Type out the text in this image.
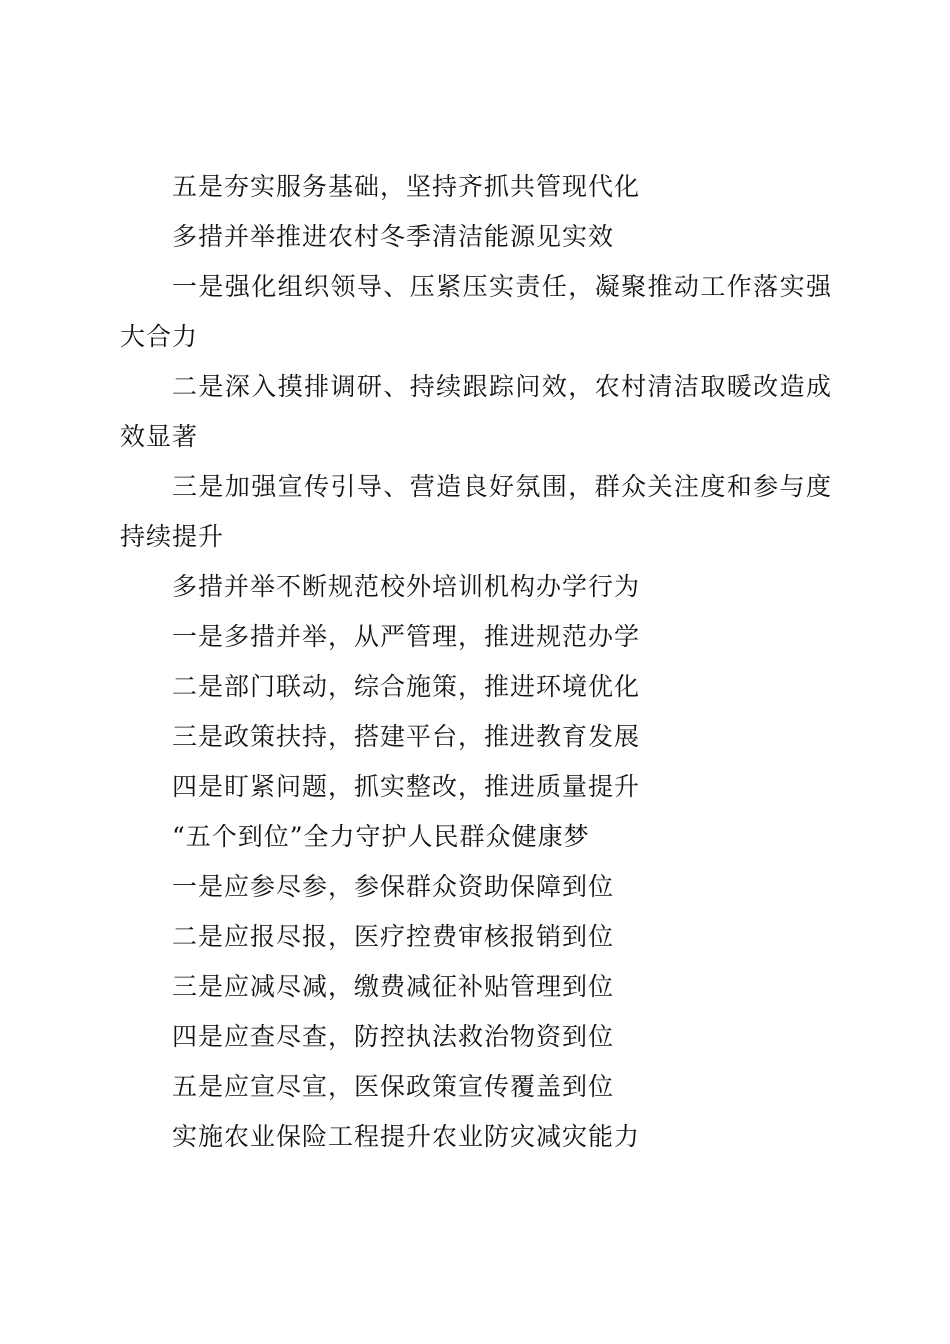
五是夯实服务基础，坚持齐抓共管现代化

多措并举推进农村冬季清洁能源见实效

一是强化组织领导、压紧压实责任，凝聚推动工作落实强大合力

二是深入摸排调研、持续跟踪问效，农村清洁取暖改造成效显著

三是加强宣传引导、营造良好氛围，群众关注度和参与度持续提升

多措并举不断规范校外培训机构办学行为

一是多措并举，从严管理，推进规范办学

二是部门联动，综合施策，推进环境优化

三是政策扶持，搭建平台，推进教育发展

四是盯紧问题，抓实整改，推进质量提升

“五个到位”全力守护人民群众健康梦

一是应参尽参，参保群众资助保障到位

二是应报尽报，医疗控费审核报销到位

三是应减尽减，缴费减征补贴管理到位

四是应查尽查，防控执法救治物资到位

五是应宣尽宣，医保政策宣传覆盖到位

实施农业保险工程提升农业防灾减灾能力
